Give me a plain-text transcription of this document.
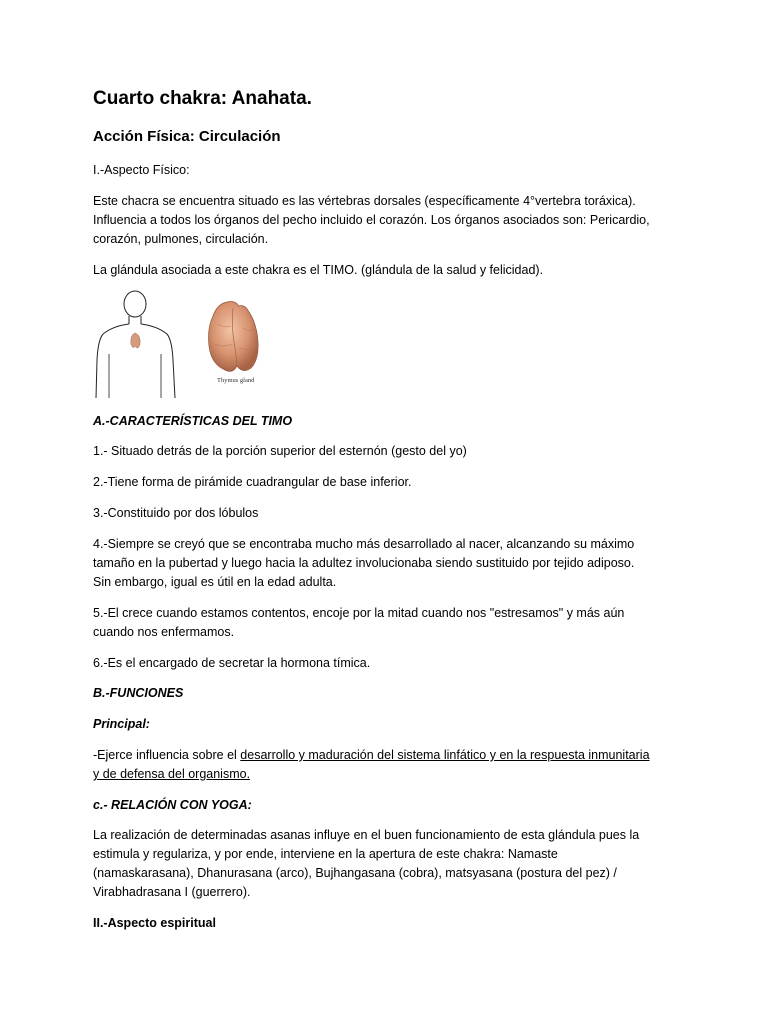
Cuarto chakra: Anahata.
Acción Física: Circulación
I.-Aspecto Físico:
Este chacra se encuentra situado es las vértebras dorsales (específicamente 4°vertebra toráxica).
Influencia a todos los órganos del pecho incluido el corazón. Los órganos asociados son: Pericardio,
corazón, pulmones, circulación.
La glándula asociada a este chakra es el TIMO. (glándula de la salud y felicidad).
A.-CARACTERÍSTICAS DEL TIMO
1.- Situado detrás de la porción superior del esternón (gesto del yo)
2.-Tiene forma de pirámide cuadrangular de base inferior.
3.-Constituido por dos lóbulos
4.-Siempre se creyó que se encontraba mucho más desarrollado al nacer, alcanzando su máximo
tamaño en la pubertad y luego hacia la adultez involucionaba siendo sustituido por tejido adiposo.
Sin embargo, igual es útil en la edad adulta.
5.-El crece cuando estamos contentos, encoje por la mitad cuando nos "estresamos" y más aún
cuando nos enfermamos.
6.-Es el encargado de secretar la hormona tímica.
B.-FUNCIONES
Principal:
-Ejerce influencia sobre el desarrollo y maduración del sistema linfático y en la respuesta inmunitaria
y de defensa del organismo.
c.- RELACIÓN CON YOGA:
La realización de determinadas asanas influye en el buen funcionamiento de esta glándula pues la
estimula y regulariza, y por ende, interviene en la apertura de este chakra: Namaste
(namaskarasana), Dhanurasana (arco), Bujhangasana (cobra), matsyasana (postura del pez) /
Virabhadrasana I (guerrero).
II.-Aspecto espiritual
Thymus gland
